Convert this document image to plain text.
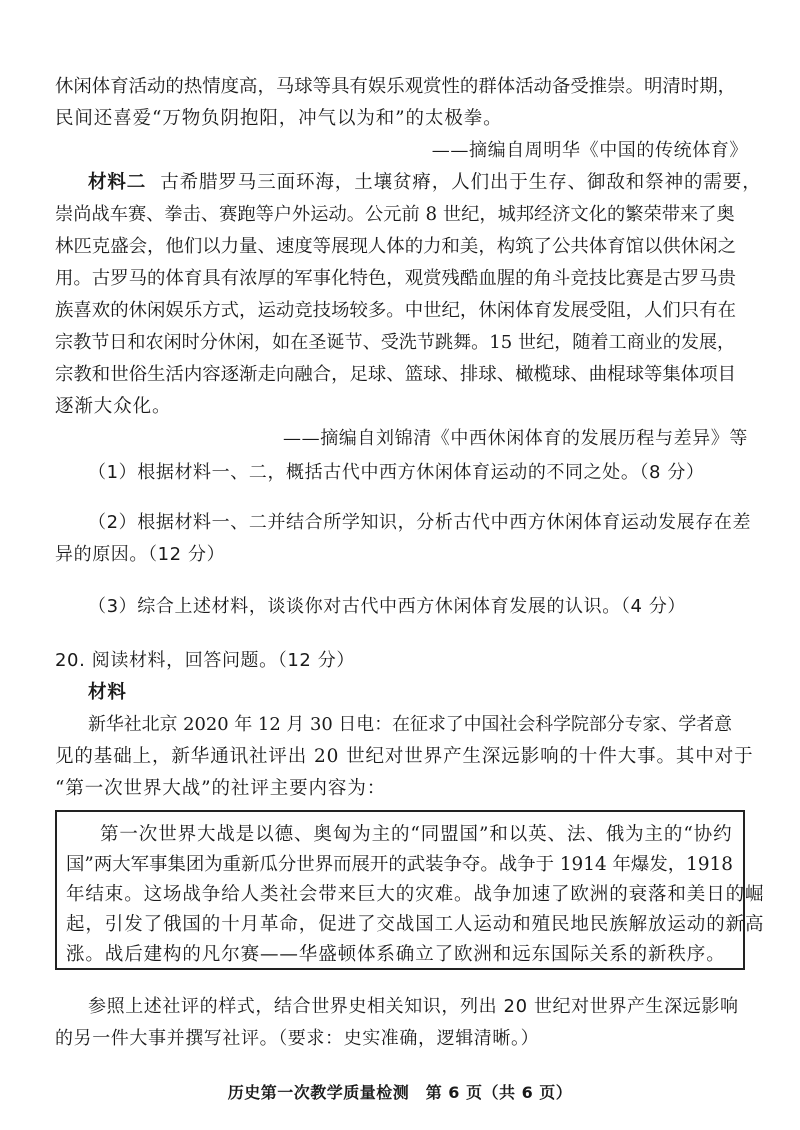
休闲体育活动的热情度高，马球等具有娱乐观赏性的群体活动备受推崇。明清时期，
民间还喜爱“万物负阴抱阳，冲气以为和”的太极拳。
——摘编自周明华《中国的传统体育》
材料二 古希腊罗马三面环海，土壤贫瘠，人们出于生存、御敌和祭神的需要，
崇尚战车赛、拳击、赛跑等户外运动。公元前 8 世纪，城邦经济文化的繁荣带来了奥
林匹克盛会，他们以力量、速度等展现人体的力和美，构筑了公共体育馆以供休闲之
用。古罗马的体育具有浓厚的军事化特色，观赏残酷血腥的角斗竞技比赛是古罗马贵
族喜欢的休闲娱乐方式，运动竞技场较多。中世纪，休闲体育发展受阻，人们只有在
宗教节日和农闲时分休闲，如在圣诞节、受洗节跳舞。15 世纪，随着工商业的发展，
宗教和世俗生活内容逐渐走向融合，足球、篮球、排球、橄榄球、曲棍球等集体项目
逐渐大众化。
——摘编自刘锦清《中西休闲体育的发展历程与差异》等
（1）根据材料一、二，概括古代中西方休闲体育运动的不同之处。（8 分）
（2）根据材料一、二并结合所学知识，分析古代中西方休闲体育运动发展存在差
异的原因。（12 分）
（3）综合上述材料，谈谈你对古代中西方休闲体育发展的认识。（4 分）
20. 阅读材料，回答问题。（12 分）
材料
新华社北京 2020 年 12 月 30 日电：在征求了中国社会科学院部分专家、学者意
见的基础上，新华通讯社评出 20 世纪对世界产生深远影响的十件大事。其中对于
“第一次世界大战”的社评主要内容为：
第一次世界大战是以德、奥匈为主的“同盟国”和以英、法、俄为主的“协约
国”两大军事集团为重新瓜分世界而展开的武装争夺。战争于 1914 年爆发，1918
年结束。这场战争给人类社会带来巨大的灾难。战争加速了欧洲的衰落和美日的崛
起，引发了俄国的十月革命，促进了交战国工人运动和殖民地民族解放运动的新高
涨。战后建构的凡尔赛——华盛顿体系确立了欧洲和远东国际关系的新秩序。
参照上述社评的样式，结合世界史相关知识，列出 20 世纪对世界产生深远影响
的另一件大事并撰写社评。（要求：史实准确，逻辑清晰。）
历史第一次教学质量检测　第 6 页（共 6 页）
